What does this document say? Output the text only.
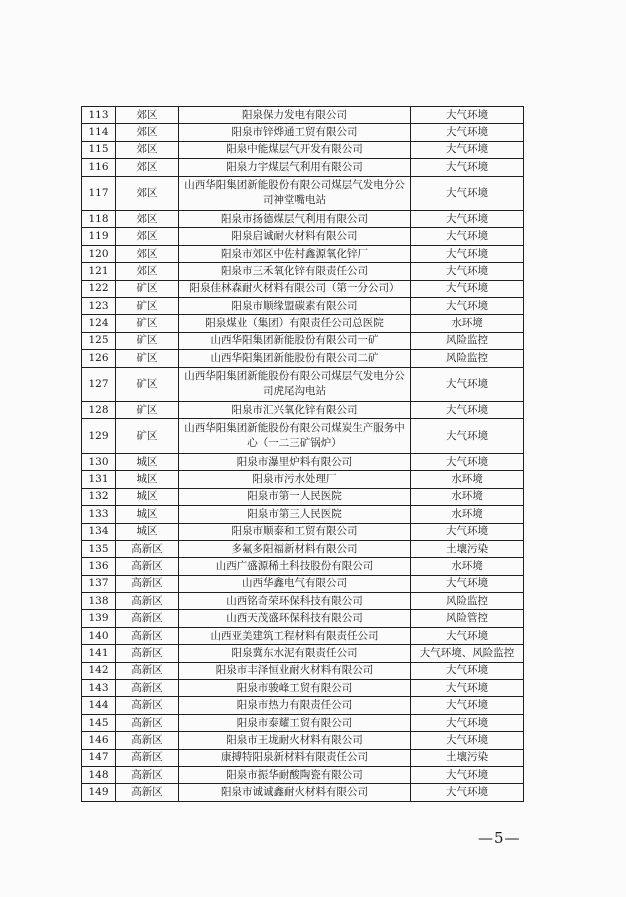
113	郊区	阳泉保力发电有限公司	大气环境
114	郊区	阳泉市锌烨通工贸有限公司	大气环境
115	郊区	阳泉中能煤层气开发有限公司	大气环境
116	郊区	阳泉力宇煤层气利用有限公司	大气环境
117	郊区	山西华阳集团新能股份有限公司煤层气发电分公司神堂嘴电站	大气环境
118	郊区	阳泉市扬德煤层气利用有限公司	大气环境
119	郊区	阳泉启诚耐火材料有限公司	大气环境
120	郊区	阳泉市郊区中佐村鑫源氧化锌厂	大气环境
121	郊区	阳泉市三禾氧化锌有限责任公司	大气环境
122	矿区	阳泉佳林森耐火材料有限公司（第一分公司）	大气环境
123	矿区	阳泉市顺缘盟碳素有限公司	大气环境
124	矿区	阳泉煤业（集团）有限责任公司总医院	水环境
125	矿区	山西华阳集团新能股份有限公司一矿	风险监控
126	矿区	山西华阳集团新能股份有限公司二矿	风险监控
127	矿区	山西华阳集团新能股份有限公司煤层气发电分公司虎尾沟电站	大气环境
128	矿区	阳泉市汇兴氧化锌有限公司	大气环境
129	矿区	山西华阳集团新能股份有限公司煤炭生产服务中心（一二三矿锅炉）	大气环境
130	城区	阳泉市瀑里炉料有限公司	大气环境
131	城区	阳泉市污水处理厂	水环境
132	城区	阳泉市第一人民医院	水环境
133	城区	阳泉市第三人民医院	水环境
134	城区	阳泉市顺泰和工贸有限公司	大气环境
135	高新区	多氟多阳福新材料有限公司	土壤污染
136	高新区	山西广盛源稀土科技股份有限公司	水环境
137	高新区	山西华鑫电气有限公司	大气环境
138	高新区	山西铭奇荣环保科技有限公司	风险监控
139	高新区	山西天茂盛环保科技有限公司	风险管控
140	高新区	山西亚美建筑工程材料有限责任公司	大气环境
141	高新区	阳泉冀东水泥有限责任公司	大气环境、风险监控
142	高新区	阳泉市丰泽恒业耐火材料有限公司	大气环境
143	高新区	阳泉市骏峰工贸有限公司	大气环境
144	高新区	阳泉市热力有限责任公司	大气环境
145	高新区	阳泉市泰耀工贸有限公司	大气环境
146	高新区	阳泉市王垅耐火材料有限公司	大气环境
147	高新区	康搏特阳泉新材料有限责任公司	土壤污染
148	高新区	阳泉市振华耐酸陶瓷有限公司	大气环境
149	高新区	阳泉市诚诚鑫耐火材料有限公司	大气环境
—5—
